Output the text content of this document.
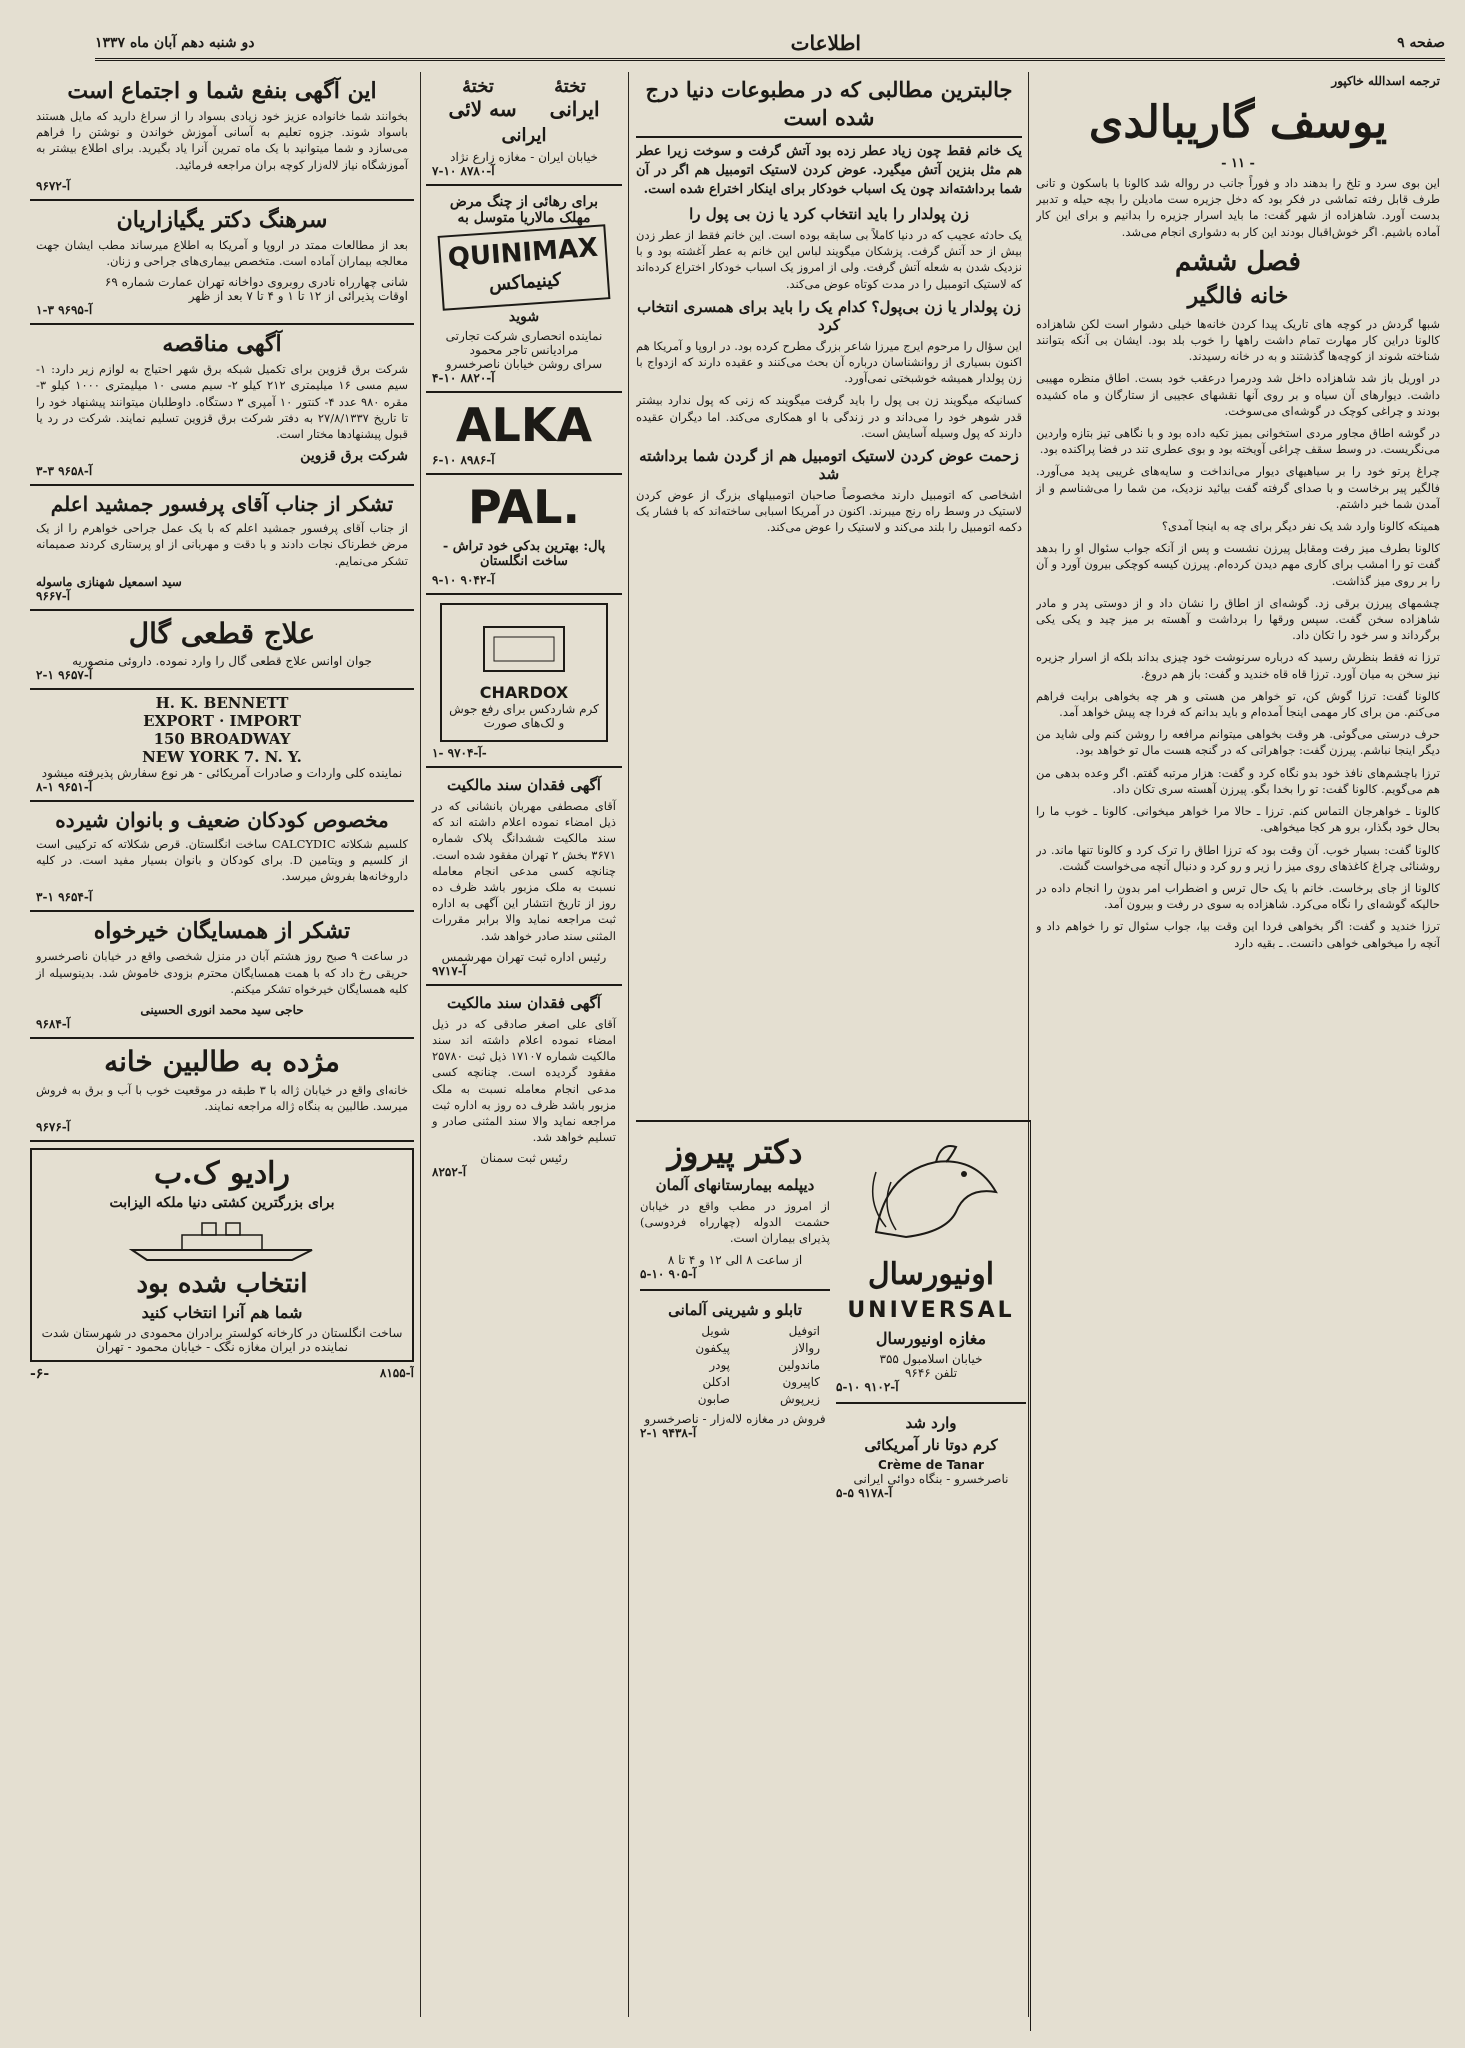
صفحه ۹
اطلاعات
دو شنبه دهم آبان ماه ۱۳۳۷
ترجمه اسدالله خاکپور
یوسف گاریبالدی
- ۱۱ -

این بوی سرد و تلخ را بدهند داد و فوراً جانب در رواله شد کالونا با باسکون و تانی طرف قابل رفته تماشی در فکر بود که دخل جزیره ست مادیلن را بچه حیله و تدبیر بدست آورد. شاهزاده از شهر گفت: ما باید اسرار جزیره را بدانیم و برای این کار آماده باشیم. اگر خوش‌اقبال بودند این کار به دشواری انجام می‌شد.

فصل ششم
خانه فالگیر

شبها گردش در کوچه های تاریک پیدا کردن خانه‌ها خیلی دشوار است لکن شاهزاده کالونا دراین کار مهارت تمام داشت راهها را خوب بلد بود. ایشان بی آنکه بتوانند شناخته شوند از کوچه‌ها گذشتند و به در خانه رسیدند.

در اوریل باز شد شاهزاده داخل شد ودرمرا درعقب خود بست. اطاق منظره مهیبی داشت. دیوارهای آن سیاه و بر روی آنها نقشهای عجیبی از ستارگان و ماه کشیده بودند و چراغی کوچک در گوشه‌ای می‌سوخت.

در گوشه اطاق مجاور مردی استخوانی بمیز تکیه داده بود و با نگاهی تیز بتازه واردین می‌نگریست. در وسط سقف چراغی آویخته بود و بوی عطری تند در فضا پراکنده بود.

چراغ پرتو خود را بر سیاهیهای دیوار می‌انداخت و سایه‌های غریبی پدید می‌آورد. فالگیر پیر برخاست و با صدای گرفته گفت بیائید نزدیک، من شما را می‌شناسم و از آمدن شما خبر داشتم.

همینکه کالونا وارد شد یک نفر دیگر برای چه به اینجا آمدی؟

کالونا بطرف میز رفت ومقابل پیرزن نشست و پس از آنکه جواب سئوال او را بدهد گفت تو را امشب برای کاری مهم دیدن کرده‌ام. پیرزن کیسه کوچکی بیرون آورد و آن را بر روی میز گذاشت.

چشمهای پیرزن برقی زد. گوشه‌ای از اطاق را نشان داد و از دوستی پدر و مادر شاهزاده سخن گفت. سپس ورقها را برداشت و آهسته بر میز چید و یکی یکی برگرداند و سر خود را تکان داد.

ترزا نه فقط بنظرش رسید که درباره سرنوشت خود چیزی بداند بلکه از اسرار جزیره نیز سخن به میان آورد. ترزا قاه قاه خندید و گفت: باز هم دروغ.

کالونا گفت: ترزا گوش کن، تو خواهر من هستی و هر چه بخواهی برایت فراهم می‌کنم. من برای کار مهمی اینجا آمده‌ام و باید بدانم که فردا چه پیش خواهد آمد.

حرف درستی می‌گوئی. هر وقت بخواهی میتوانم مرافعه را روشن کنم ولی شاید من دیگر اینجا نباشم. پیرزن گفت: جواهراتی که در گنجه هست مال تو خواهد بود.

ترزا باچشم‌های نافذ خود بدو نگاه کرد و گفت: هزار مرتبه گفتم. اگر وعده بدهی من هم می‌گویم. کالونا گفت: تو را بخدا بگو. پیرزن آهسته سری تکان داد.

کالونا ـ خواهرجان التماس کنم. ترزا ـ حالا مرا خواهر میخوانی. کالونا ـ خوب ما را بحال خود بگذار، برو هر کجا میخواهی.

کالونا گفت: بسیار خوب. آن وقت بود که ترزا اطاق را ترک کرد و کالونا تنها ماند. در روشنائی چراغ کاغذهای روی میز را زیر و رو کرد و دنبال آنچه می‌خواست گشت.

کالونا از جای برخاست. خانم با یک حال ترس و اضطراب امر بدون را انجام داده در حالیکه گوشه‌ای را نگاه می‌کرد. شاهزاده به سوی در رفت و بیرون آمد.

ترزا خندید و گفت: اگر بخواهی فردا این وقت بیا، جواب سئوال تو را خواهم داد و آنچه را میخواهی خواهی دانست. ـ بقیه دارد

جالبترین مطالبی که در مطبوعات دنیا درج شده است

یک خانم فقط چون زیاد عطر زده بود آتش گرفت و سوخت زیرا عطر هم مثل بنزین آتش میگیرد. عوض کردن لاستیک اتومبیل هم اگر در آن شما برداشته‌اند چون یک اسباب خودکار برای اینکار اختراع شده است.

زن پولدار را باید انتخاب کرد یا زن بی پول را

یک حادثه عجیب که در دنیا کاملاً بی سابقه بوده است. این خانم فقط از عطر زدن بیش از حد آتش گرفت. پزشکان میگویند لباس این خانم به عطر آغشته بود و با نزدیک شدن به شعله آتش گرفت. ولی از امروز یک اسباب خودکار اختراع کرده‌اند که لاستیک اتومبیل را در مدت کوتاه عوض می‌کند.

زن پولدار یا زن بی‌پول؟ کدام یک را باید برای همسری انتخاب کرد

این سؤال را مرحوم ایرج میرزا شاعر بزرگ مطرح کرده بود. در اروپا و آمریکا هم اکنون بسیاری از روانشناسان درباره آن بحث می‌کنند و عقیده دارند که ازدواج با زن پولدار همیشه خوشبختی نمی‌آورد.

کسانیکه میگویند زن بی پول را باید گرفت میگویند که زنی که پول ندارد بیشتر قدر شوهر خود را می‌داند و در زندگی با او همکاری می‌کند. اما دیگران عقیده دارند که پول وسیله آسایش است.

زحمت عوض کردن لاستیک اتومبیل هم از گردن شما برداشته شد

اشخاصی که اتومبیل دارند مخصوصاً صاحبان اتومبیلهای بزرگ از عوض کردن لاستیک در وسط راه رنج میبرند. اکنون در آمریکا اسبابی ساخته‌اند که با فشار یک دکمه اتومبیل را بلند می‌کند و لاستیک را عوض می‌کند.

دکتر پیروز
دیپلمه بیمارستانهای آلمان

از امروز در مطب واقع در خیابان حشمت الدوله (چهارراه فردوسی) پذیرای بیماران است.

از ساعت ۸ الی ۱۲ و ۴ تا ۸
آ-۹۰۵ ۱۰-۵
تابلو و شیرینی آلمانی
اتوفیل
شویل
روالاز
پیکفون
ماندولین
پودر
کاپیرون
ادکلن
زیرپوش
صابون
فروش در مغازه لاله‌زار - ناصرخسرو
آ-۹۴۳۸ ۱-۲
اونیورسال
UNIVERSAL
مغازه اونیورسال
خیابان اسلامبول ۳۵۵
تلفن ۹۶۴۶
آ-۹۱۰۲ ۱۰-۵
وارد شد
کرم دوتا نار آمریکائی
Crème de Tanar
ناصرخسرو - بنگاه دوائی ایرانی
آ-۹۱۷۸ ۵-۵
تختۀ
تختۀ
ایرانی
سه لائی
ایرانی
خیابان ایران - مغازه زارع نژاد
آ-۸۷۸۰ ۱۰-۷
برای رهائی از چنگ مرض مهلک مالاریا متوسل به
QUINIMAX
کینیماکس
شوید
نماینده انحصاری شرکت تجارتی مرادیانس تاجر محمود
سرای روشن خیابان ناصرخسرو
آ-۸۸۲۰ ۱۰-۴
ALKA
آ-۸۹۸۶ ۱۰-۶
PAL.
پال: بهترین بدکی خود تراش - ساخت انگلستان
آ-۹۰۴۲ ۱۰-۹
CHARDOX
کرم شاردکس برای رفع جوش و لک‌های صورت
آ-۹۷۰۴ -۱-
آگهی فقدان سند مالکیت

آقای مصطفی مهربان بانشانی که در ذیل امضاء نموده اعلام داشته اند که سند مالکیت ششدانگ پلاک شماره ۳۶۷۱ بخش ۲ تهران مفقود شده است. چنانچه کسی مدعی انجام معامله نسبت به ملک مزبور باشد ظرف ده روز از تاریخ انتشار این آگهی به اداره ثبت مراجعه نماید والا برابر مقررات المثنی سند صادر خواهد شد.

رئیس اداره ثبت تهران مهرشمس
آ-۹۷۱۷
آگهی فقدان سند مالکیت

آقای علی اصغر صادقی که در ذیل امضاء نموده اعلام داشته اند سند مالکیت شماره ۱۷۱۰۷ ذیل ثبت ۲۵۷۸۰ مفقود گردیده است. چنانچه کسی مدعی انجام معامله نسبت به ملک مزبور باشد ظرف ده روز به اداره ثبت مراجعه نماید والا سند المثنی صادر و تسلیم خواهد شد.

رئیس ثبت سمنان
آ-۸۲۵۲
این آگهی بنفع شما و اجتماع است

بخوانند شما خانواده عزیز خود زیادی بسواد را از سراغ دارید که مایل هستند باسواد شوند. جزوه تعلیم به آسانی آموزش خواندن و نوشتن را فراهم می‌سازد و شما میتوانید با یک ماه تمرین آنرا یاد بگیرید. برای اطلاع بیشتر به آموزشگاه نیاز لاله‌زار کوچه بران مراجعه فرمائید.

آ-۹۶۷۲
سرهنگ دکتر یگیازاریان

بعد از مطالعات ممتد در اروپا و آمریکا به اطلاع میرساند مطب ایشان جهت معالجه بیماران آماده است. متخصص بیماری‌های جراحی و زنان.

شانی چهارراه نادری روبروی دواخانه تهران عمارت شماره ۶۹
اوقات پذیرائی از ۱۲ تا ۱ و ۴ تا ۷ بعد از ظهر
آ-۹۶۹۵ ۳-۱
آگهی مناقصه

شرکت برق قزوین برای تکمیل شبکه برق شهر احتیاج به لوازم زیر دارد: ۱- سیم مسی ۱۶ میلیمتری ۲۱۲ کیلو ۲- سیم مسی ۱۰ میلیمتری ۱۰۰۰ کیلو ۳- مقره ۹۸۰ عدد ۴- کنتور ۱۰ آمپری ۳ دستگاه. داوطلبان میتوانند پیشنهاد خود را تا تاریخ ۲۷/۸/۱۳۳۷ به دفتر شرکت برق قزوین تسلیم نمایند. شرکت در رد یا قبول پیشنهادها مختار است.

شرکت برق قزوین
آ-۹۶۵۸ ۳-۳
تشکر از جناب آقای پرفسور جمشید اعلم

از جناب آقای پرفسور جمشید اعلم که با یک عمل جراحی خواهرم را از یک مرض خطرناک نجات دادند و با دقت و مهربانی از او پرستاری کردند صمیمانه تشکر می‌نمایم.

سید اسمعیل شهنازی ماسوله
آ-۹۶۶۷
علاج قطعی گال
جوان اوانس علاج قطعی گال را وارد نموده. داروئی منصوریه
آ-۹۶۵۷ ۱-۲
H. K. BENNETT
EXPORT · IMPORT
150 BROADWAY
NEW YORK 7. N. Y.
نماینده کلی واردات و صادرات آمریکائی - هر نوع سفارش پذیرفته میشود
آ-۹۶۵۱ ۱-۸
مخصوص کودکان ضعیف و بانوان شیرده

کلسیم شکلاته CALCYDIC ساخت انگلستان. قرص شکلاته که ترکیبی است از کلسیم و ویتامین D. برای کودکان و بانوان بسیار مفید است. در کلیه داروخانه‌ها بفروش میرسد.

آ-۹۶۵۴ ۱-۳
تشکر از همسایگان خیرخواه

در ساعت ۹ صبح روز هشتم آبان در منزل شخصی واقع در خیابان ناصرخسرو حریقی رخ داد که با همت همسایگان محترم بزودی خاموش شد. بدینوسیله از کلیه همسایگان خیرخواه تشکر میکنم.

حاجی سید محمد انوری الحسینی
آ-۹۶۸۴
مژده به طالبین خانه

خانه‌ای واقع در خیابان ژاله با ۳ طبقه در موقعیت خوب با آب و برق به فروش میرسد. طالبین به بنگاه ژاله مراجعه نمایند.

آ-۹۶۷۶
رادیو ک.ب
برای بزرگترین کشتی دنیا ملکه الیزابت
انتخاب شده بود
شما هم آنرا انتخاب کنید
ساخت انگلستان در کارخانه کولستر برادران محمودی در شهرستان شدت
نماینده در ایران مغازه نگک - خیابان محمود - تهران
-۶-	آ-۸۱۵۵
